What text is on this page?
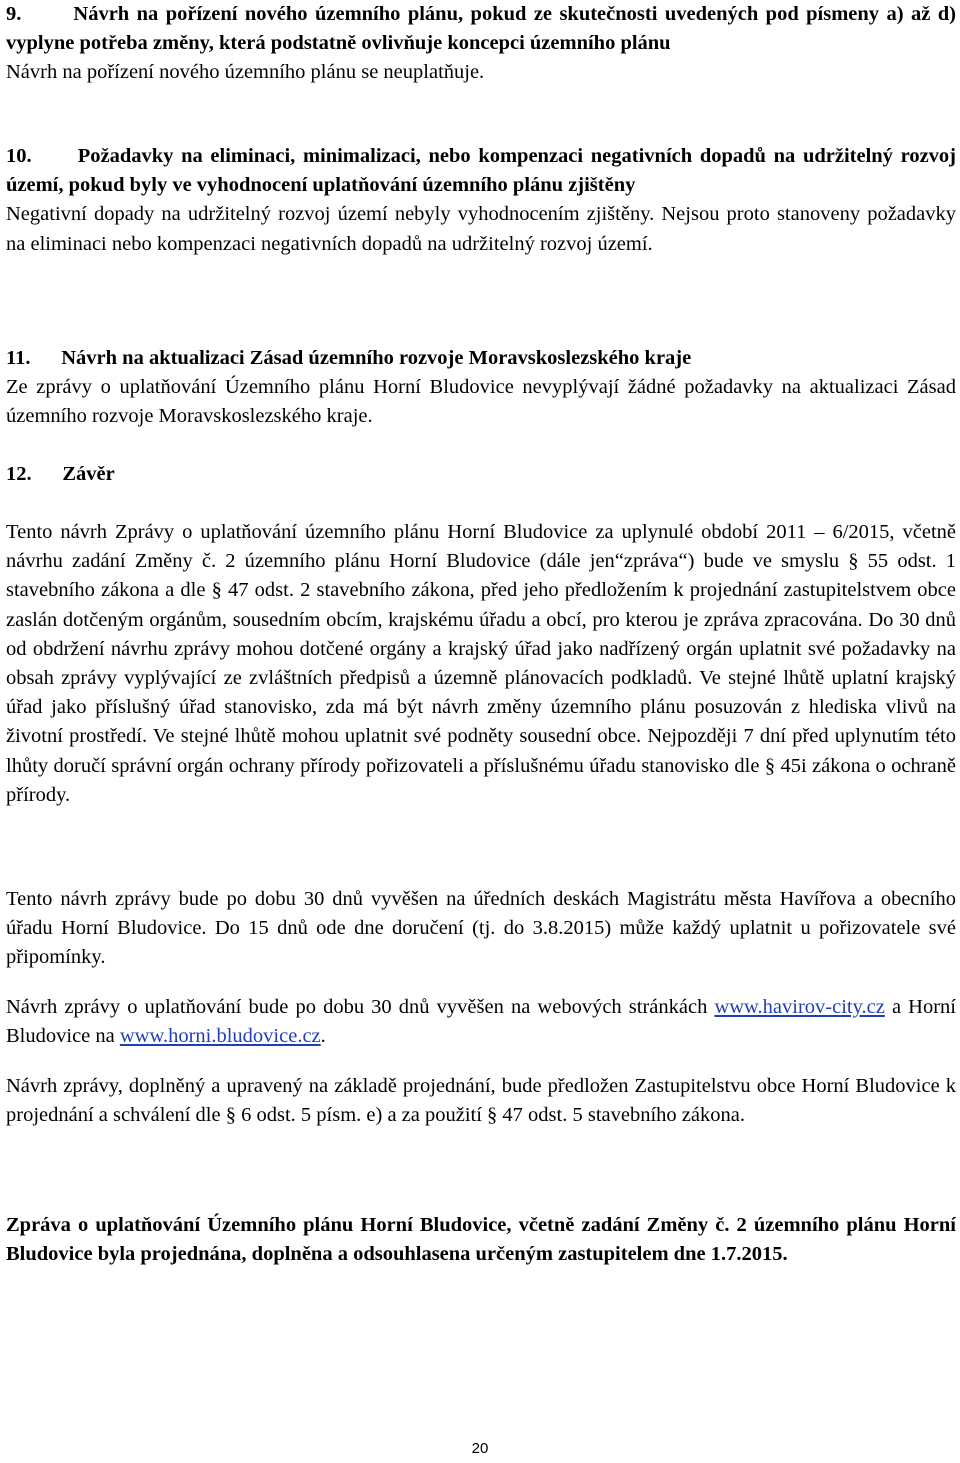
9.	Návrh na pořízení nového územního plánu, pokud ze skutečnosti uvedených pod písmeny a) až d) vyplyne potřeba změny, která podstatně ovlivňuje koncepci územního plánu

Návrh na pořízení nového územního plánu se neuplatňuje.

10. Požadavky na eliminaci, minimalizaci, nebo kompenzaci negativních dopadů na udržitelný rozvoj území, pokud byly ve vyhodnocení uplatňování územního plánu zjištěny

Negativní dopady na udržitelný rozvoj území nebyly vyhodnocením zjištěny. Nejsou proto stanoveny požadavky na eliminaci nebo kompenzaci negativních dopadů na udržitelný rozvoj území.

11. Návrh na aktualizaci Zásad územního rozvoje Moravskoslezského kraje

Ze zprávy o uplatňování Územního plánu Horní Bludovice nevyplývají žádné požadavky na aktualizaci Zásad územního rozvoje Moravskoslezského kraje.

12. Závěr

Tento návrh Zprávy o uplatňování územního plánu Horní Bludovice za uplynulé období 2011 – 6/2015, včetně návrhu zadání Změny č. 2 územního plánu Horní Bludovice (dále jen“zpráva“) bude ve smyslu § 55 odst. 1 stavebního zákona a dle § 47 odst. 2 stavebního zákona, před jeho předložením k projednání zastupitelstvem obce zaslán dotčeným orgánům, sousedním obcím, krajskému úřadu a obcí, pro kterou je zpráva zpracována. Do 30 dnů od obdržení návrhu zprávy mohou dotčené orgány a krajský úřad jako nadřízený orgán uplatnit své požadavky na obsah zprávy vyplývající ze zvláštních předpisů a územně plánovacích podkladů. Ve stejné lhůtě uplatní krajský úřad jako příslušný úřad stanovisko, zda má být návrh změny územního plánu posuzován z hlediska vlivů na životní prostředí. Ve stejné lhůtě mohou uplatnit své podněty sousední obce. Nejpozději 7 dní před uplynutím této lhůty doručí správní orgán ochrany přírody pořizovateli a příslušnému úřadu stanovisko dle § 45i zákona o ochraně přírody.

Tento návrh zprávy bude po dobu 30 dnů vyvěšen na úředních deskách Magistrátu města Havířova a obecního úřadu Horní Bludovice. Do 15 dnů ode dne doručení (tj. do 3.8.2015) může každý uplatnit u pořizovatele své připomínky.

Návrh zprávy o uplatňování bude po dobu 30 dnů vyvěšen na webových stránkách www.havirov-city.cz a Horní Bludovice na www.horni.bludovice.cz.

Návrh zprávy, doplněný a upravený na základě projednání, bude předložen Zastupitelstvu obce Horní Bludovice k projednání a schválení dle § 6 odst. 5 písm. e) a za použití § 47 odst. 5 stavebního zákona.

Zpráva o uplatňování Územního plánu Horní Bludovice, včetně zadání Změny č. 2 územního plánu Horní Bludovice byla projednána, doplněna a odsouhlasena určeným zastupitelem dne 1.7.2015.

20
